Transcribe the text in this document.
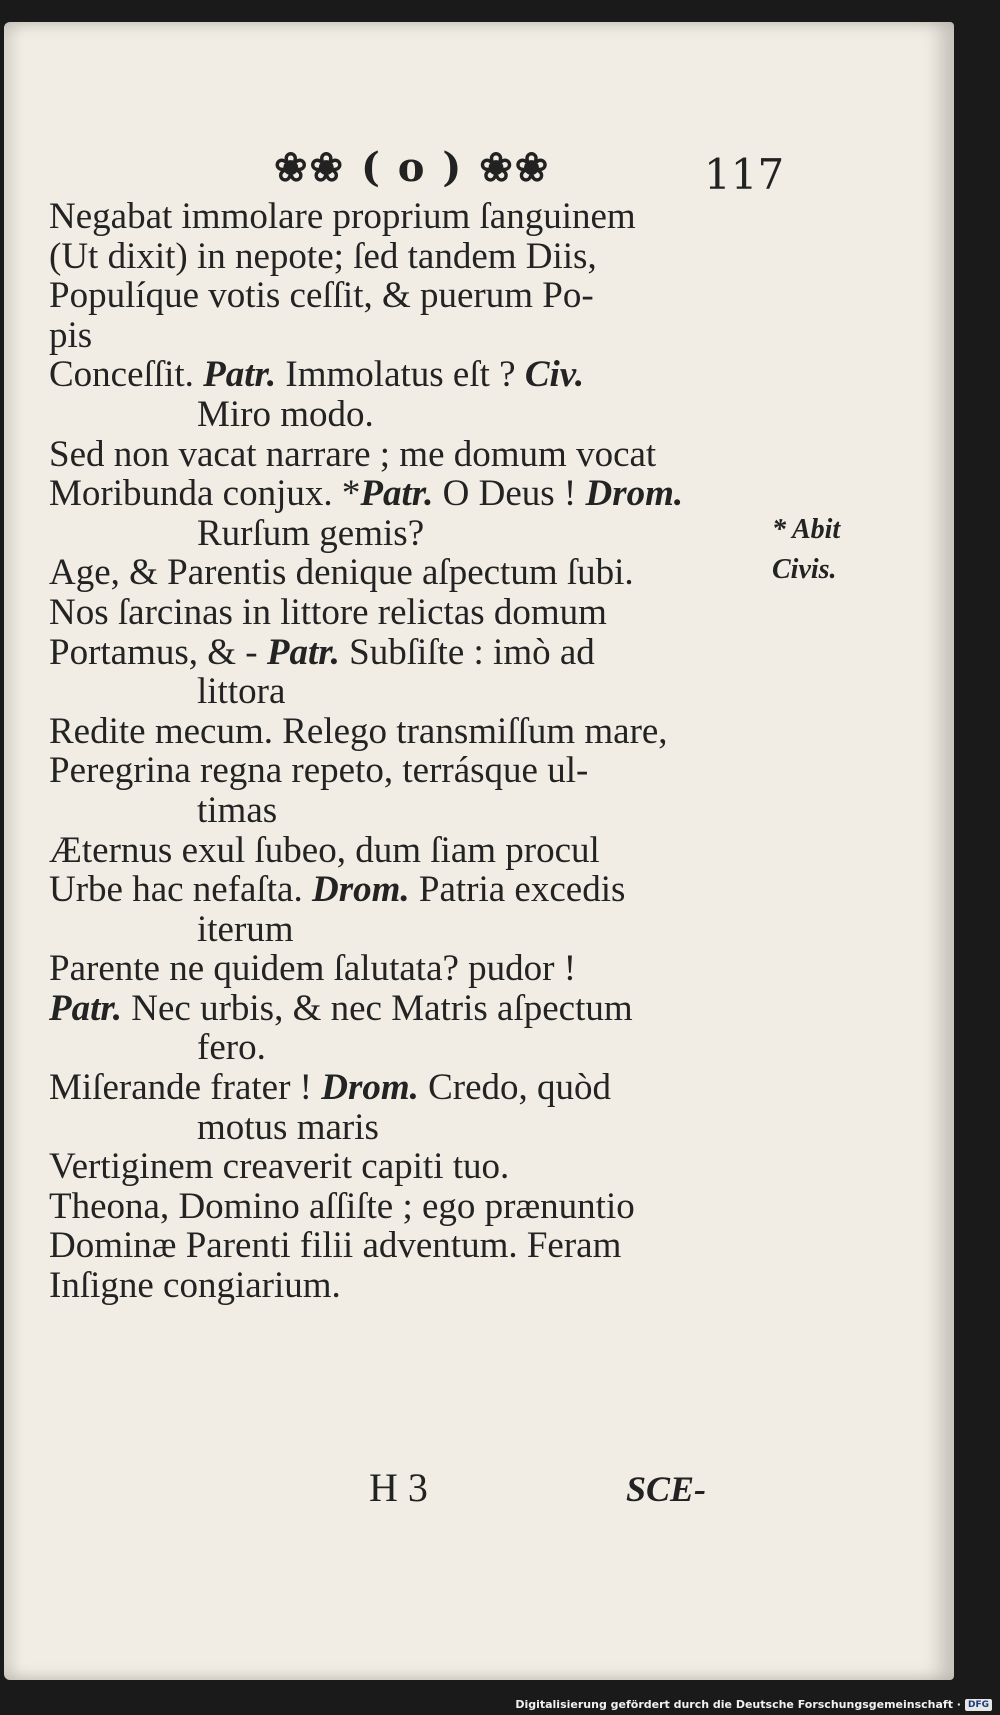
❀❀ ( o ) ❀❀	117
Negabat immolare proprium ſanguinem
(Ut dixit) in nepote; ſed tandem Diis,
Populíque votis ceſſit, & puerum Po-
pis
Conceſſit. Patr. Immolatus eſt ? Civ.
Miro modo.
Sed non vacat narrare ; me domum vocat
Moribunda conjux. *Patr. O Deus ! Drom.
Rurſum gemis?
Age, & Parentis denique aſpectum ſubi.
Nos ſarcinas in littore relictas domum
Portamus, & - Patr. Subſiſte : imò ad
littora
Redite mecum. Relego transmiſſum mare,
Peregrina regna repeto, terrásque ul-
timas
Æternus exul ſubeo, dum ſiam procul
Urbe hac nefaſta. Drom. Patria excedis
iterum
Parente ne quidem ſalutata? pudor !
Patr. Nec urbis, & nec Matris aſpectum
fero.
Miſerande frater ! Drom. Credo, quòd
motus maris
Vertiginem creaverit capiti tuo.
Theona, Domino aſſiſte ; ego prænuntio
Dominæ Parenti filii adventum. Feram
Inſigne congiarium.
* Abit
Civis.
H 3	SCE-
Digitalisierung gefördert durch die Deutsche Forschungsgemeinschaft · DFG
